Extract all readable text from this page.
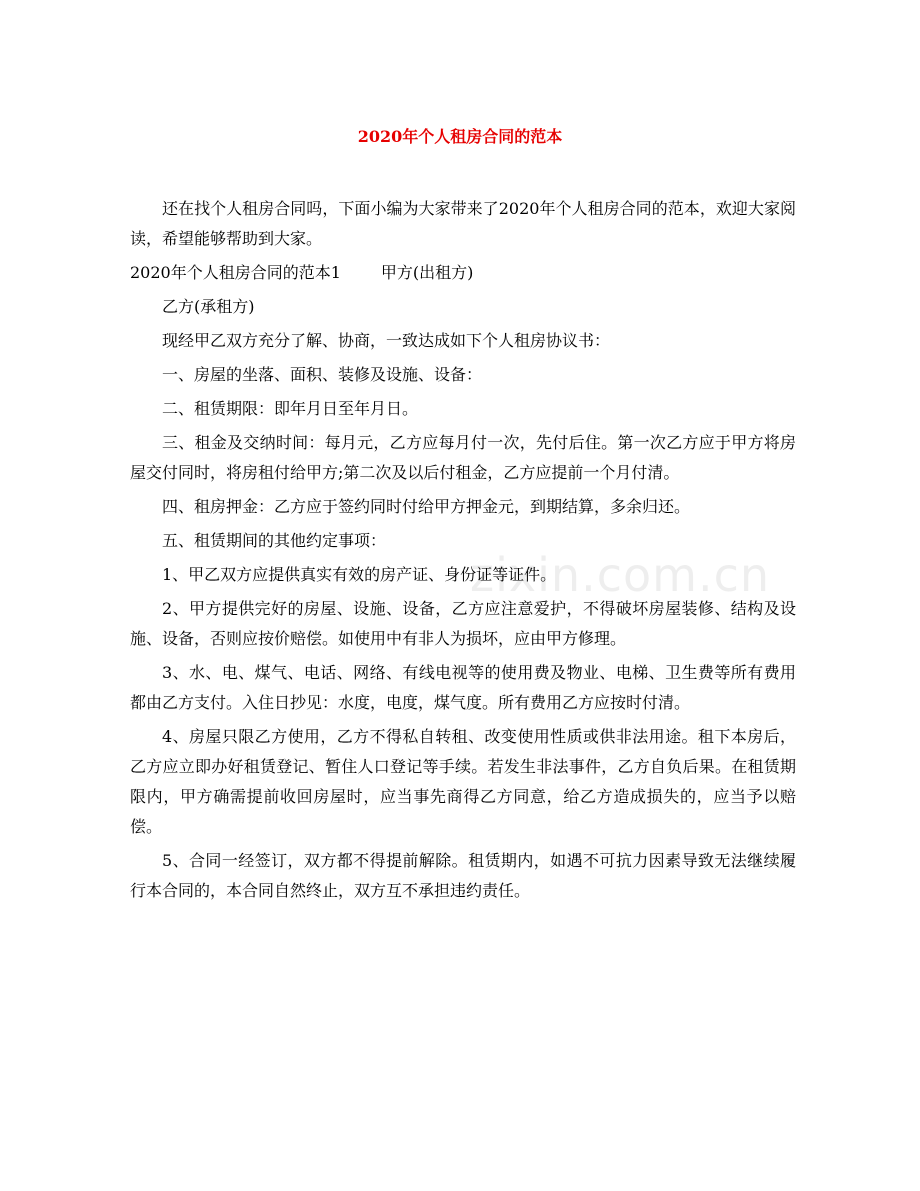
2020年个人租房合同的范本
zixin.com.cn

还在找个人租房合同吗，下面小编为大家带来了2020年个人租房合同的范本，欢迎大家阅读，希望能够帮助到大家。

2020年个人租房合同的范本1	甲方(出租方)

乙方(承租方)

现经甲乙双方充分了解、协商，一致达成如下个人租房协议书：

一、房屋的坐落、面积、装修及设施、设备：

二、租赁期限：即年月日至年月日。

三、租金及交纳时间：每月元，乙方应每月付一次，先付后住。第一次乙方应于甲方将房屋交付同时，将房租付给甲方;第二次及以后付租金，乙方应提前一个月付清。

四、租房押金：乙方应于签约同时付给甲方押金元，到期结算，多余归还。

五、租赁期间的其他约定事项：

1、甲乙双方应提供真实有效的房产证、身份证等证件。

2、甲方提供完好的房屋、设施、设备，乙方应注意爱护，不得破坏房屋装修、结构及设施、设备，否则应按价赔偿。如使用中有非人为损坏，应由甲方修理。

3、水、电、煤气、电话、网络、有线电视等的使用费及物业、电梯、卫生费等所有费用都由乙方支付。入住日抄见：水度，电度，煤气度。所有费用乙方应按时付清。

4、房屋只限乙方使用，乙方不得私自转租、改变使用性质或供非法用途。租下本房后，乙方应立即办好租赁登记、暂住人口登记等手续。若发生非法事件，乙方自负后果。在租赁期限内，甲方确需提前收回房屋时，应当事先商得乙方同意，给乙方造成损失的，应当予以赔偿。

5、合同一经签订，双方都不得提前解除。租赁期内，如遇不可抗力因素导致无法继续履行本合同的，本合同自然终止，双方互不承担违约责任。
